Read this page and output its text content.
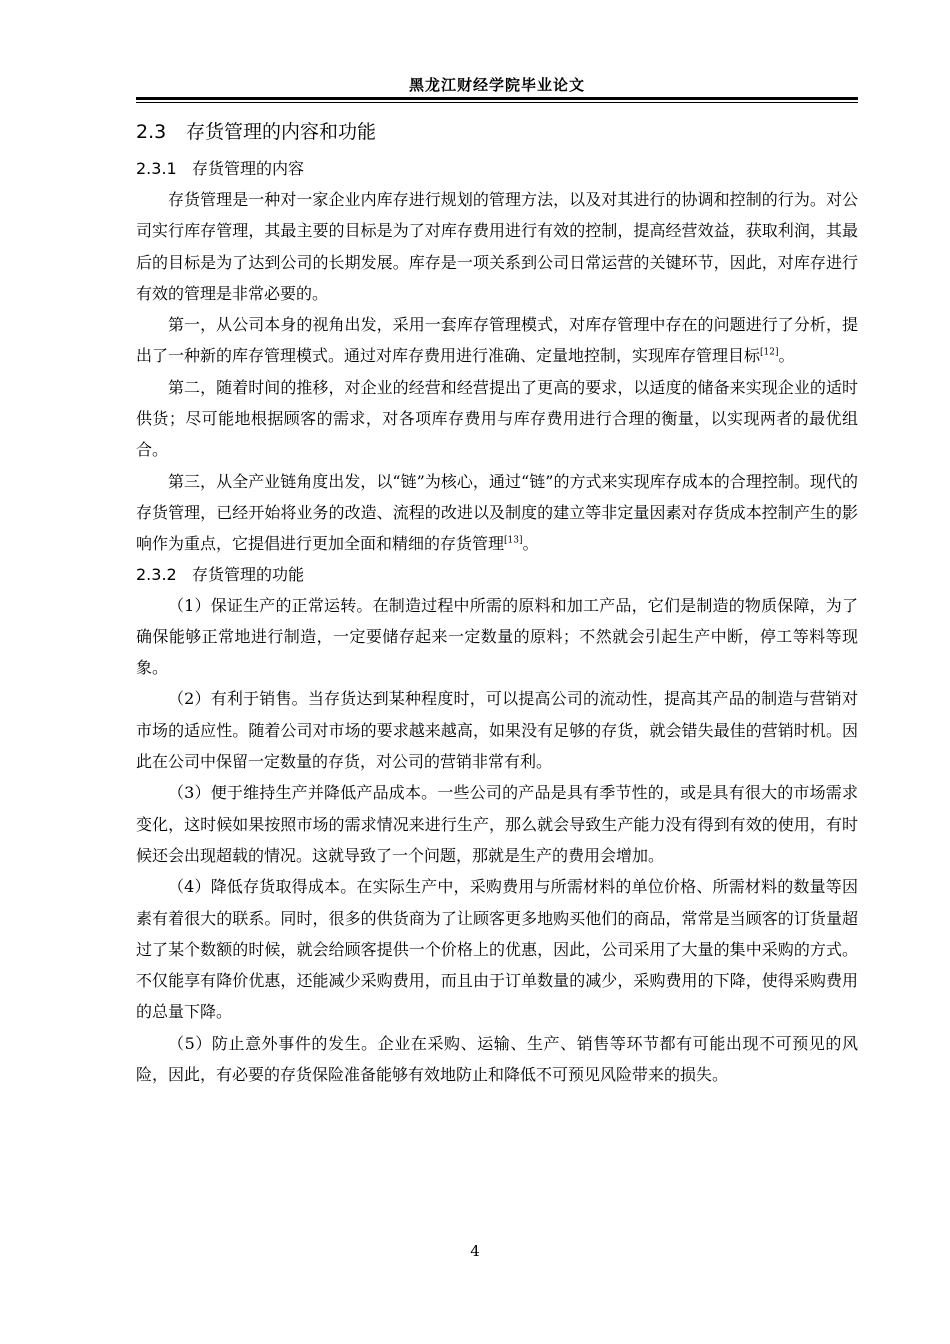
黑龙江财经学院毕业论文
2.3 存货管理的内容和功能
2.3.1 存货管理的内容

存货管理是一种对一家企业内库存进行规划的管理方法，以及对其进行的协调和控制的行为。对公司实行库存管理，其最主要的目标是为了对库存费用进行有效的控制，提高经营效益，获取利润，其最后的目标是为了达到公司的长期发展。库存是一项关系到公司日常运营的关键环节，因此，对库存进行有效的管理是非常必要的。

第一，从公司本身的视角出发，采用一套库存管理模式，对库存管理中存在的问题进行了分析，提出了一种新的库存管理模式。通过对库存费用进行准确、定量地控制，实现库存管理目标[12]。

第二，随着时间的推移，对企业的经营和经营提出了更高的要求，以适度的储备来实现企业的适时供货；尽可能地根据顾客的需求，对各项库存费用与库存费用进行合理的衡量，以实现两者的最优组合。

第三，从全产业链角度出发，以“链”为核心，通过“链”的方式来实现库存成本的合理控制。现代的存货管理，已经开始将业务的改造、流程的改进以及制度的建立等非定量因素对存货成本控制产生的影响作为重点，它提倡进行更加全面和精细的存货管理[13]。

2.3.2 存货管理的功能

（1）保证生产的正常运转。在制造过程中所需的原料和加工产品，它们是制造的物质保障，为了确保能够正常地进行制造，一定要储存起来一定数量的原料；不然就会引起生产中断，停工等料等现象。

（2）有利于销售。当存货达到某种程度时，可以提高公司的流动性，提高其产品的制造与营销对市场的适应性。随着公司对市场的要求越来越高，如果没有足够的存货，就会错失最佳的营销时机。因此在公司中保留一定数量的存货，对公司的营销非常有利。

（3）便于维持生产并降低产品成本。一些公司的产品是具有季节性的，或是具有很大的市场需求变化，这时候如果按照市场的需求情况来进行生产，那么就会导致生产能力没有得到有效的使用，有时候还会出现超载的情况。这就导致了一个问题，那就是生产的费用会增加。

（4）降低存货取得成本。在实际生产中，采购费用与所需材料的单位价格、所需材料的数量等因素有着很大的联系。同时，很多的供货商为了让顾客更多地购买他们的商品，常常是当顾客的订货量超过了某个数额的时候，就会给顾客提供一个价格上的优惠，因此，公司采用了大量的集中采购的方式。不仅能享有降价优惠，还能减少采购费用，而且由于订单数量的减少，采购费用的下降，使得采购费用的总量下降。

（5）防止意外事件的发生。企业在采购、运输、生产、销售等环节都有可能出现不可预见的风险，因此，有必要的存货保险准备能够有效地防止和降低不可预见风险带来的损失。

4
